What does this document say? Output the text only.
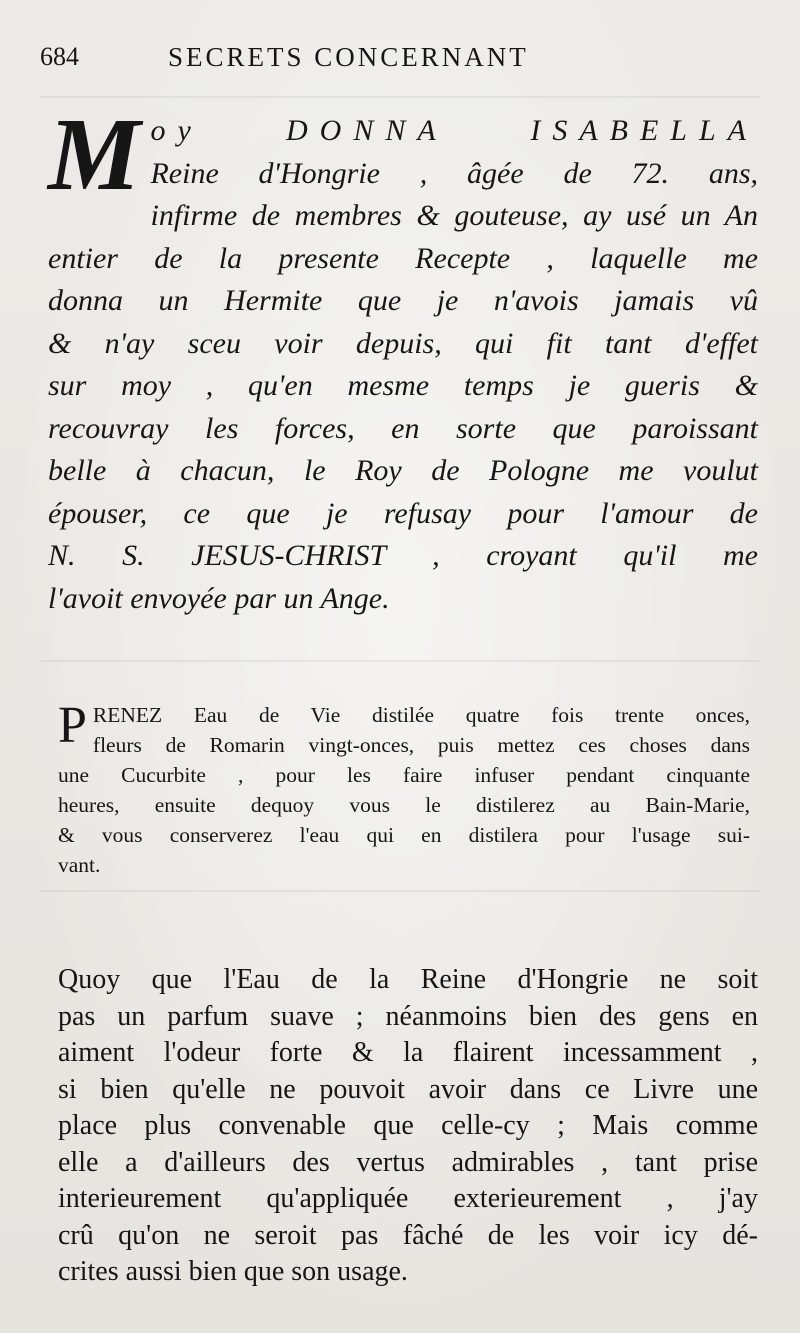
684	SECRETS CONCERNANT
M oy DONNA ISABELLA
Reine d'Hongrie , âgée de 72. ans,
infirme de membres & gouteuse, ay usé un An
entier de la presente Recepte , laquelle me
donna un Hermite que je n'avois jamais vû
& n'ay sceu voir depuis, qui fit tant d'effet
sur moy , qu'en mesme temps je gueris &
recouvray les forces, en sorte que paroissant
belle à chacun, le Roy de Pologne me voulut
épouser, ce que je refusay pour l'amour de
N. S. JESUS-CHRIST , croyant qu'il me
l'avoit envoyée par un Ange.
P RENEZ Eau de Vie distilée quatre fois trente onces,
fleurs de Romarin vingt-onces, puis mettez ces choses dans
une Cucurbite , pour les faire infuser pendant cinquante
heures, ensuite dequoy vous le distilerez au Bain-Marie,
& vous conserverez l'eau qui en distilera pour l'usage sui-
vant.
Quoy que l'Eau de la Reine d'Hongrie ne soit
pas un parfum suave ; néanmoins bien des gens en
aiment l'odeur forte & la flairent incessamment ,
si bien qu'elle ne pouvoit avoir dans ce Livre une
place plus convenable que celle-cy ; Mais comme
elle a d'ailleurs des vertus admirables , tant prise
interieurement qu'appliquée exterieurement , j'ay
crû qu'on ne seroit pas fâché de les voir icy dé-
crites aussi bien que son usage.
